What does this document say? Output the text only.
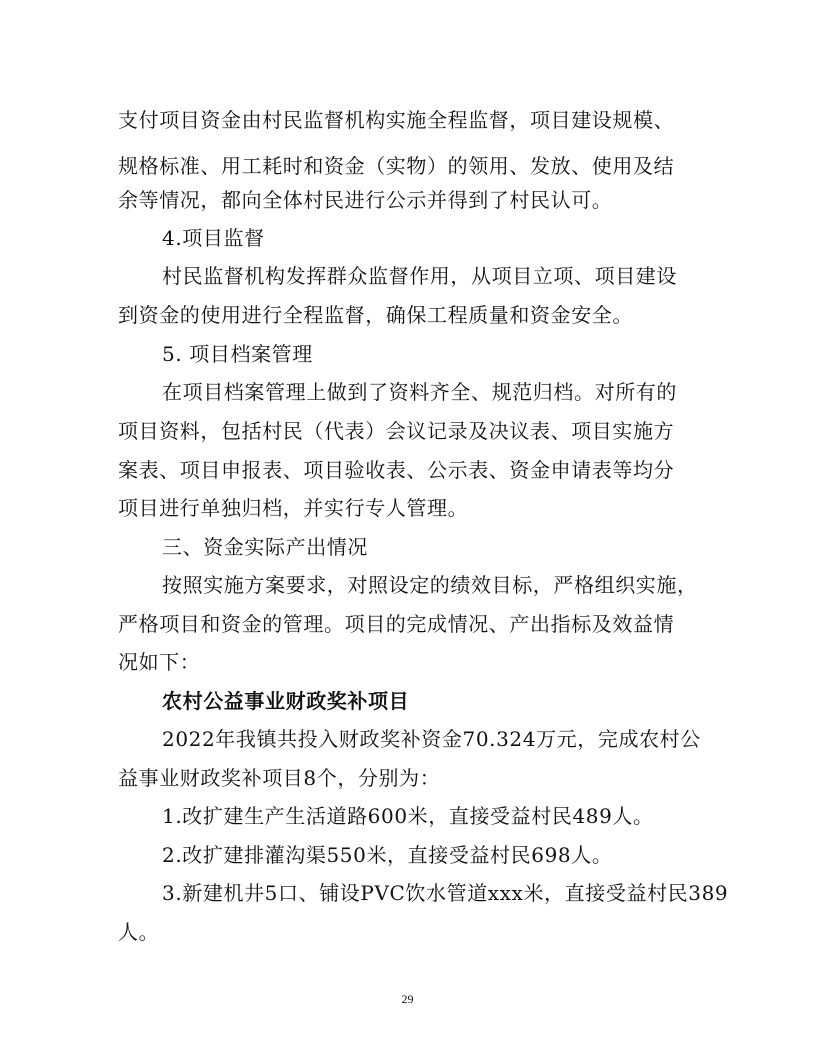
支付项目资金由村民监督机构实施全程监督，项目建设规模、
规格标准、用工耗时和资金（实物）的领用、发放、使用及结
余等情况，都向全体村民进行公示并得到了村民认可。
4.项目监督
村民监督机构发挥群众监督作用，从项目立项、项目建设
到资金的使用进行全程监督，确保工程质量和资金安全。
5. 项目档案管理
在项目档案管理上做到了资料齐全、规范归档。对所有的
项目资料，包括村民（代表）会议记录及决议表、项目实施方
案表、项目申报表、项目验收表、公示表、资金申请表等均分
项目进行单独归档，并实行专人管理。
三、资金实际产出情况
按照实施方案要求，对照设定的绩效目标，严格组织实施，
严格项目和资金的管理。项目的完成情况、产出指标及效益情
况如下：
农村公益事业财政奖补项目
2022年我镇共投入财政奖补资金70.324万元，完成农村公
益事业财政奖补项目8个，分别为：
1.改扩建生产生活道路600米，直接受益村民489人。
2.改扩建排灌沟渠550米，直接受益村民698人。
3.新建机井5口、铺设PVC饮水管道xxx米，直接受益村民389
人。
29
